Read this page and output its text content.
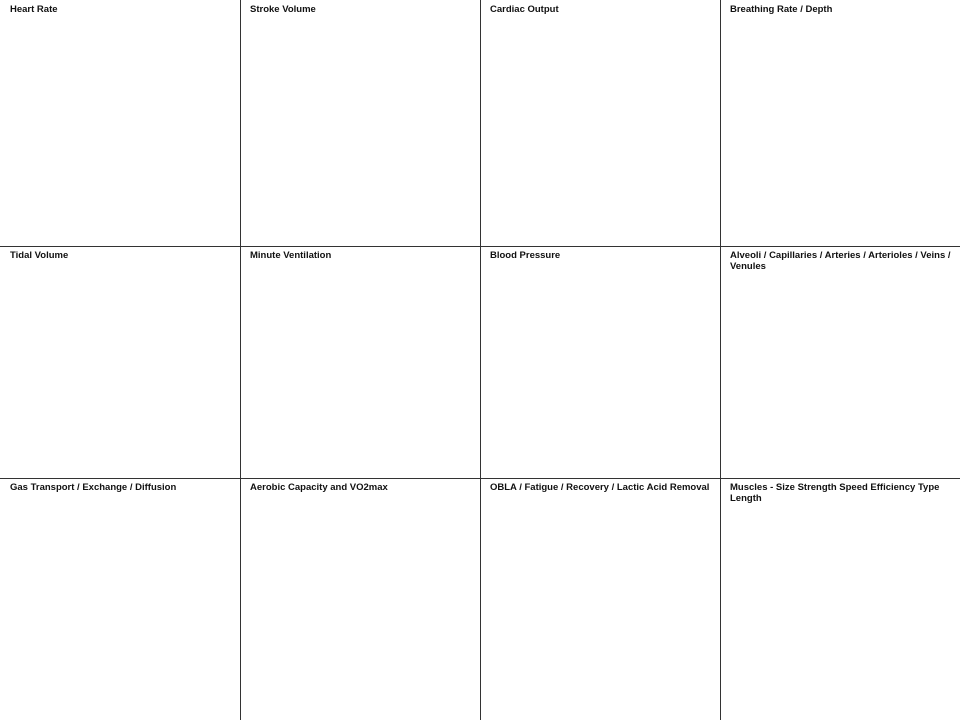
Heart Rate	Stroke Volume	Cardiac Output	Breathing Rate / Depth
Tidal Volume	Minute Ventilation	Blood Pressure	Alveoli / Capillaries / Arteries / Arterioles / Veins / Venules
Gas Transport / Exchange / Diffusion	Aerobic Capacity and VO2max	OBLA / Fatigue / Recovery / Lactic Acid Removal	Muscles - Size Strength Speed Efficiency Type Length
